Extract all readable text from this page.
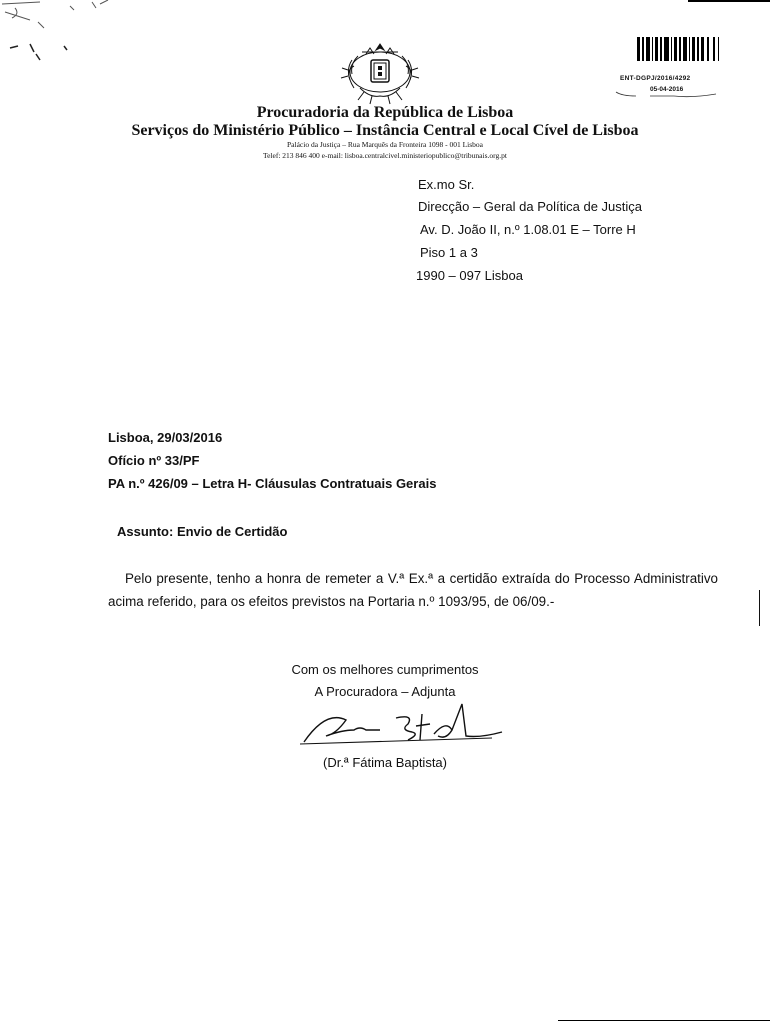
ENT-DGPJ/2016/4292
05-04-2016
Procuradoria da República de Lisboa
Serviços do Ministério Público – Instância Central e Local Cível de Lisboa
Palácio da Justiça – Rua Marquês da Fronteira 1098 - 001 Lisboa
Telef: 213 846 400 e-mail: lisboa.centralcivel.ministeriopublico@tribunais.org.pt
Ex.mo Sr.
Direcção – Geral da Política de Justiça
Av. D. João II, n.º 1.08.01 E – Torre H
Piso 1 a 3
1990 – 097 Lisboa
Lisboa, 29/03/2016
Ofício nº 33/PF
PA n.º 426/09 – Letra H- Cláusulas Contratuais Gerais
Assunto: Envio de Certidão
Pelo presente, tenho a honra de remeter a V.ª Ex.ª a certidão extraída do Processo Administrativo acima referido, para os efeitos previstos na Portaria n.º 1093/95, de 06/09.-
Com os melhores cumprimentos
A Procuradora – Adjunta
(Dr.ª Fátima Baptista)
